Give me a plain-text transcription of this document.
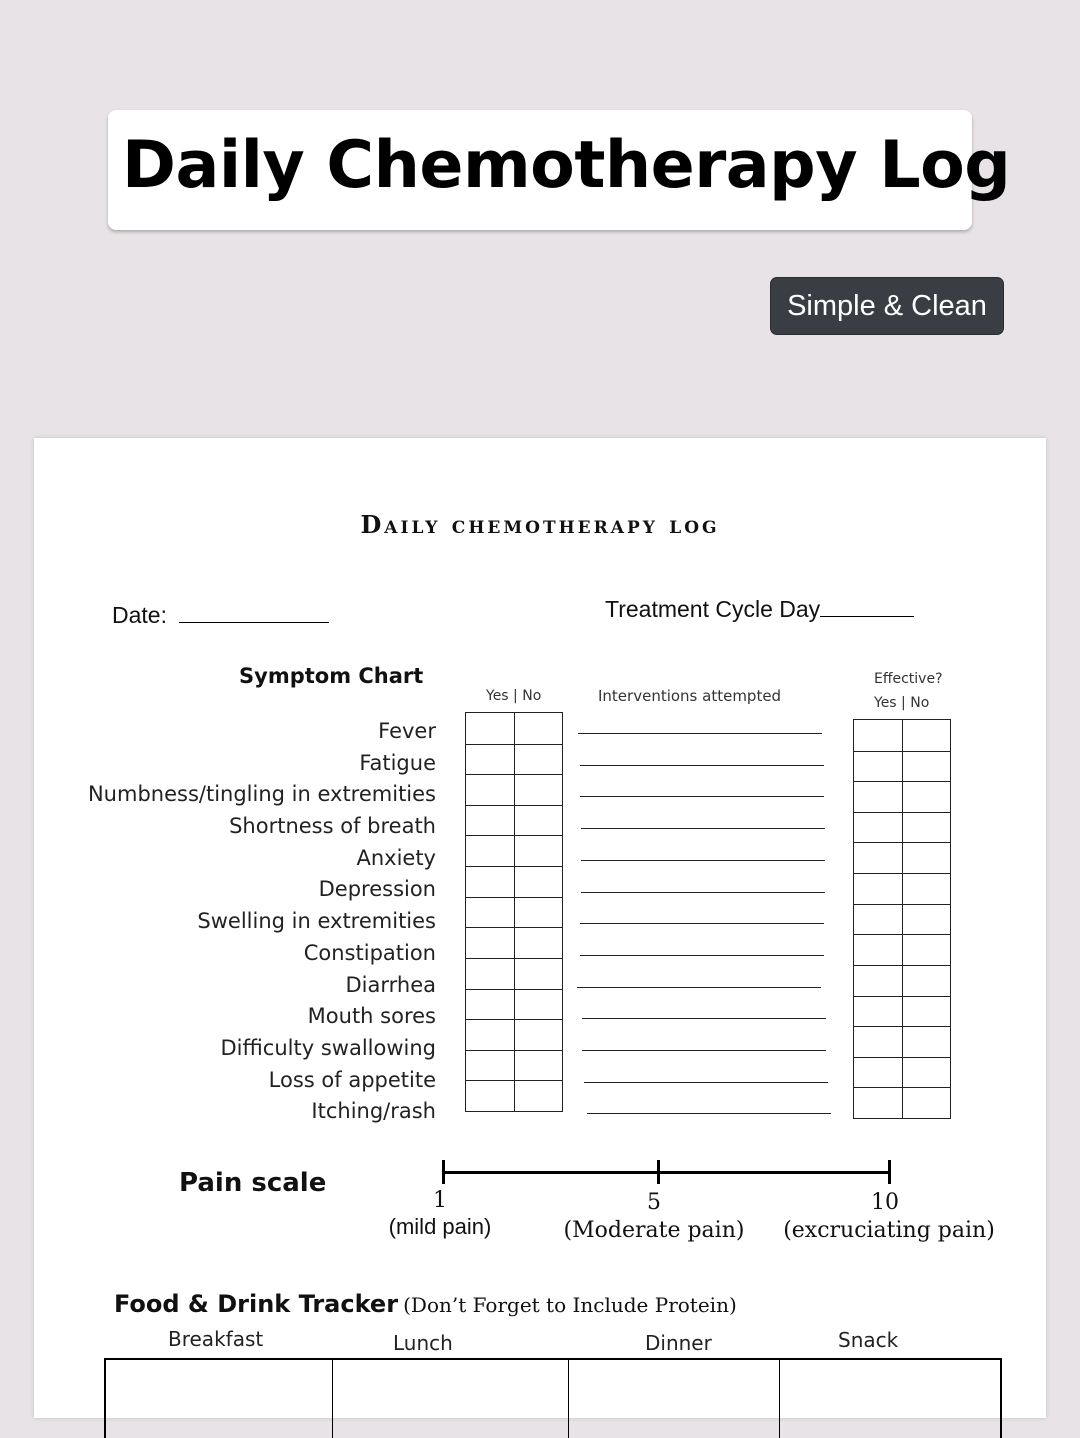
Daily Chemotherapy Log
Simple & Clean
Daily chemotherapy log
Date:	Treatment Cycle Day
Symptom Chart
Yes | No	Interventions attempted
Effective?
Yes | No
Fever
Fatigue
Numbness/tingling in extremities
Shortness of breath
Anxiety
Depression
Swelling in extremities
Constipation
Diarrhea
Mouth sores
Difficulty swallowing
Loss of appetite
Itching/rash
Pain scale
1	5	10
(mild pain)	(Moderate pain)	(excruciating pain)
Food & Drink Tracker (Don’t Forget to Include Protein)
Breakfast	Lunch	Dinner	Snack
